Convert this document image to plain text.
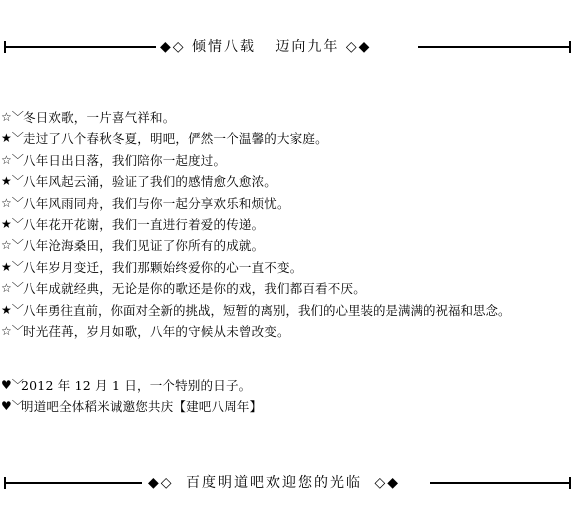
◆◇ 倾情八载   迈向九年 ◇◆
☆﹀ 冬日欢歌，一片喜气祥和。
★﹀ 走过了八个春秋冬夏，明吧，俨然一个温馨的大家庭。
☆﹀ 八年日出日落，我们陪你一起度过。
★﹀ 八年风起云涌，验证了我们的感情愈久愈浓。
☆﹀ 八年风雨同舟，我们与你一起分享欢乐和烦忧。
★﹀ 八年花开花谢，我们一直进行着爱的传递。
☆﹀ 八年沧海桑田，我们见证了你所有的成就。
★﹀ 八年岁月变迁，我们那颗始终爱你的心一直不变。
☆﹀ 八年成就经典，无论是你的歌还是你的戏，我们都百看不厌。
★﹀ 八年勇往直前，你面对全新的挑战，短暂的离别，我们的心里装的是满满的祝福和思念。
☆﹀ 时光荏苒，岁月如歌，八年的守候从未曾改变。
♥﹀
2012 年 12 月 1 日，一个特别的日子。
♥﹀
明道吧全体稻米诚邀您共庆【建吧八周年】
◆◇ 百度明道吧欢迎您的光临 ◇◆
